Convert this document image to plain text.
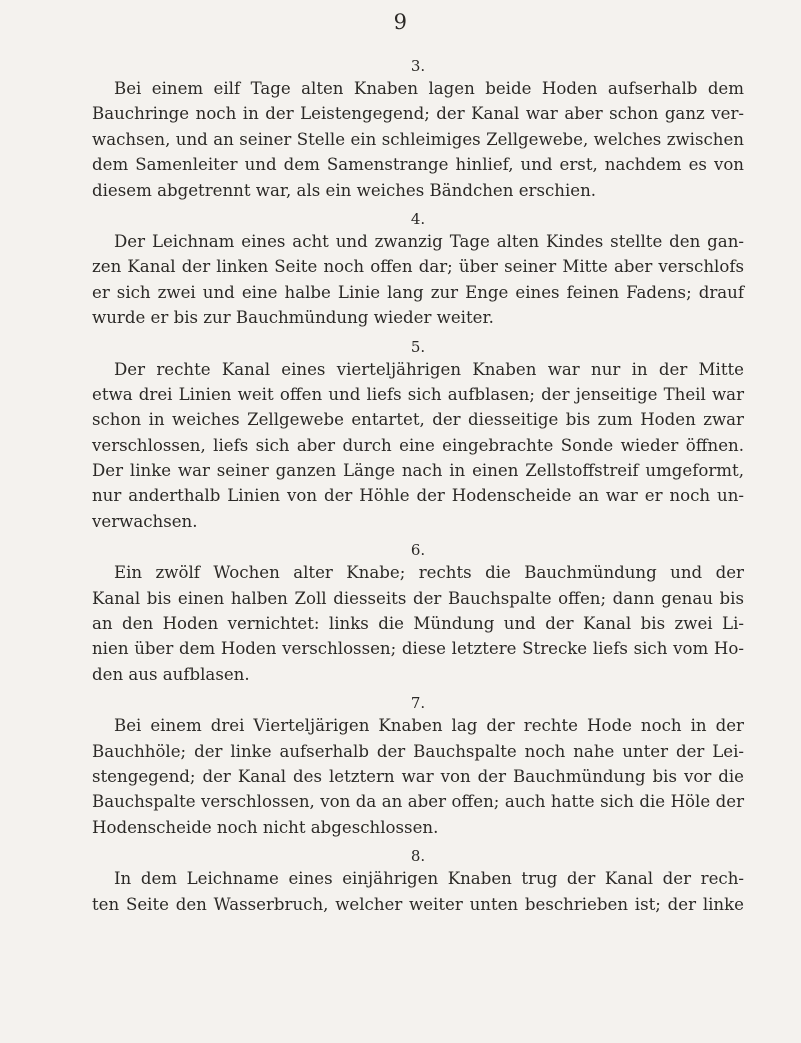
9
3.
Bei einem eilf Tage alten Knaben lagen beide Hoden aufserhalb dem
Bauchringe noch in der Leistengegend; der Kanal war aber schon ganz ver-
wachsen, und an seiner Stelle ein schleimiges Zellgewebe, welches zwischen
dem Samenleiter und dem Samenstrange hinlief, und erst, nachdem es von
diesem abgetrennt war, als ein weiches Bändchen erschien.
4.
Der Leichnam eines acht und zwanzig Tage alten Kindes stellte den gan-
zen Kanal der linken Seite noch offen dar; über seiner Mitte aber verschlofs
er sich zwei und eine halbe Linie lang zur Enge eines feinen Fadens; drauf
wurde er bis zur Bauchmündung wieder weiter.
5.
Der rechte Kanal eines vierteljährigen Knaben war nur in der Mitte
etwa drei Linien weit offen und liefs sich aufblasen; der jenseitige Theil war
schon in weiches Zellgewebe entartet, der diesseitige bis zum Hoden zwar
verschlossen, liefs sich aber durch eine eingebrachte Sonde wieder öffnen.
Der linke war seiner ganzen Länge nach in einen Zellstoffstreif umgeformt,
nur anderthalb Linien von der Höhle der Hodenscheide an war er noch un-
verwachsen.
6.
Ein zwölf Wochen alter Knabe; rechts die Bauchmündung und der
Kanal bis einen halben Zoll diesseits der Bauchspalte offen; dann genau bis
an den Hoden vernichtet: links die Mündung und der Kanal bis zwei Li-
nien über dem Hoden verschlossen; diese letztere Strecke liefs sich vom Ho-
den aus aufblasen.
7.
Bei einem drei Vierteljärigen Knaben lag der rechte Hode noch in der
Bauchhöle; der linke aufserhalb der Bauchspalte noch nahe unter der Lei-
stengegend; der Kanal des letztern war von der Bauchmündung bis vor die
Bauchspalte verschlossen, von da an aber offen; auch hatte sich die Höle der
Hodenscheide noch nicht abgeschlossen.
8.
In dem Leichname eines einjährigen Knaben trug der Kanal der rech-
ten Seite den Wasserbruch, welcher weiter unten beschrieben ist; der linke
